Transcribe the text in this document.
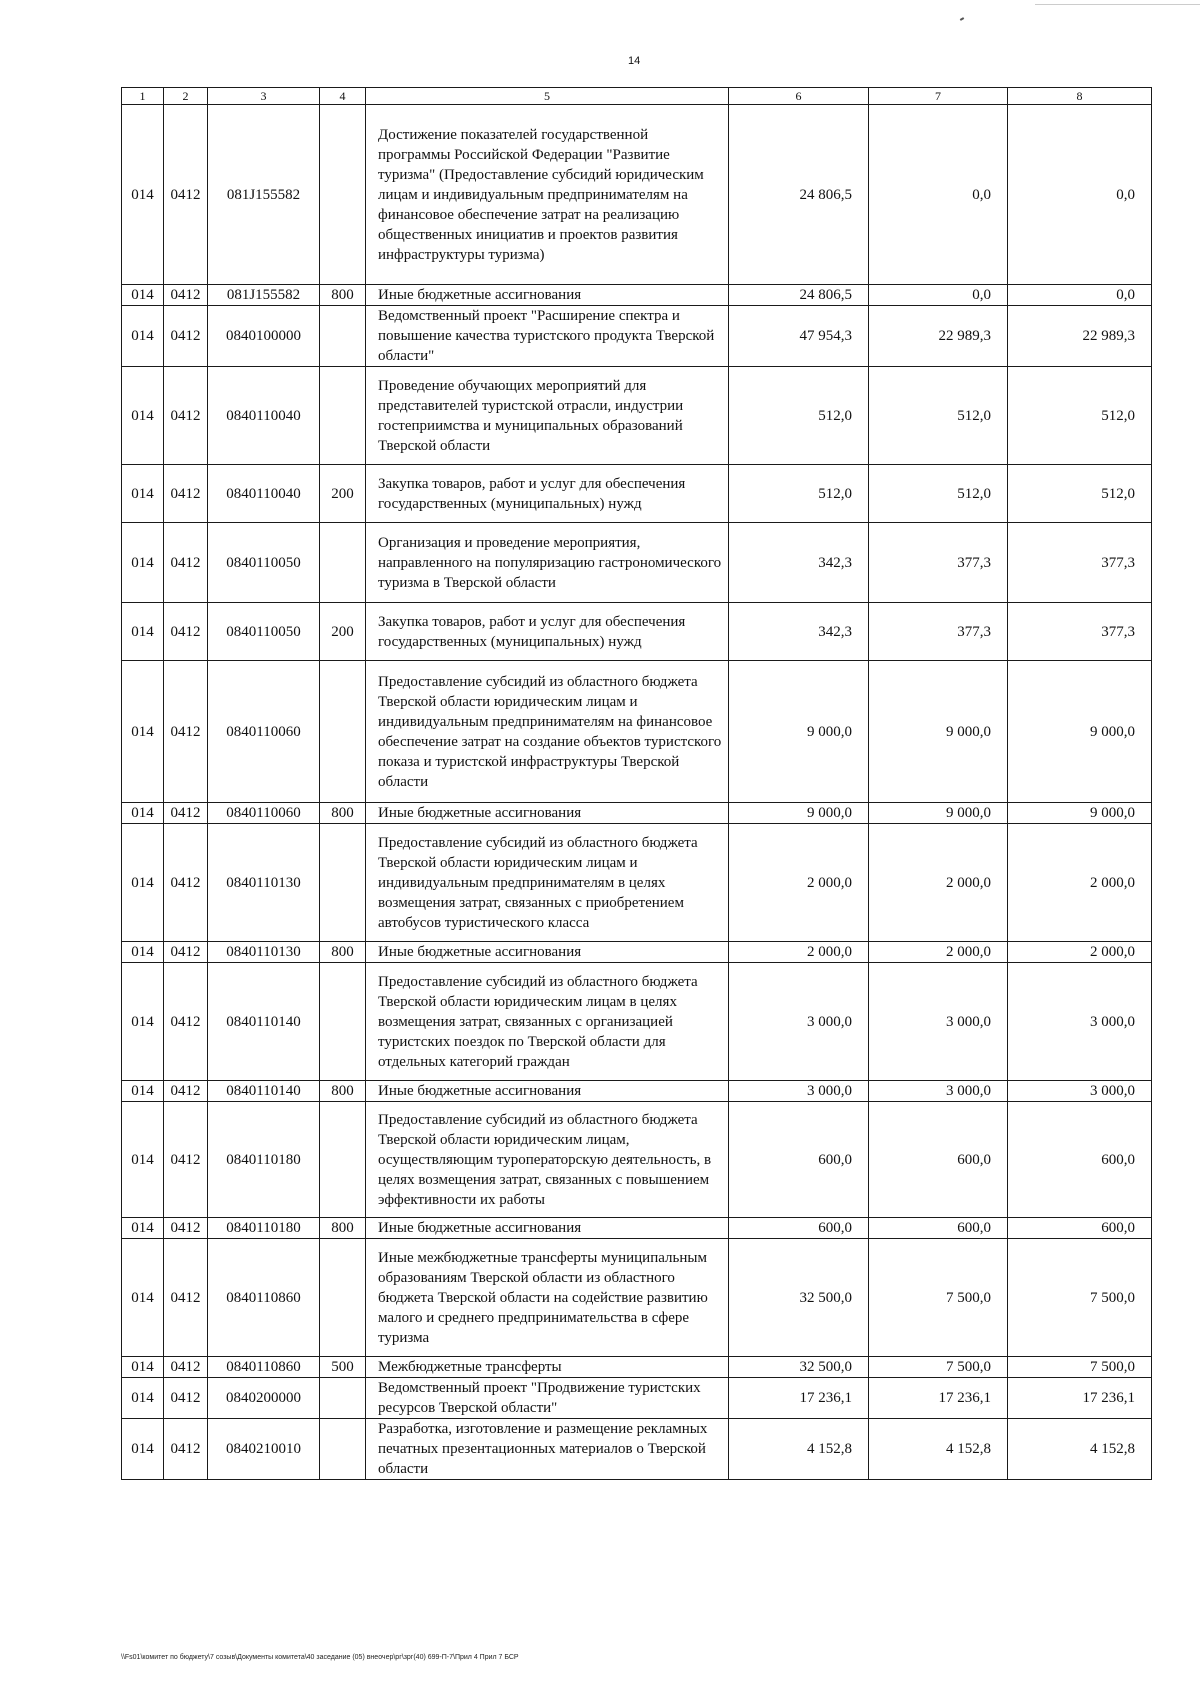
14
1	2	3	4	5	6	7	8
014	0412	081J155582		Достижение показателей государственной программы Российской Федерации "Развитие туризма" (Предоставление субсидий юридическим лицам и индивидуальным предпринимателям на финансовое обеспечение затрат на реализацию общественных инициатив и проектов развития инфраструктуры туризма)	24 806,5	0,0	0,0
014	0412	081J155582	800	Иные бюджетные ассигнования	24 806,5	0,0	0,0
014	0412	0840100000		Ведомственный проект "Расширение спектра и повышение качества туристского продукта Тверской области"	47 954,3	22 989,3	22 989,3
014	0412	0840110040		Проведение обучающих мероприятий для представителей туристской отрасли, индустрии гостеприимства и муниципальных образований Тверской области	512,0	512,0	512,0
014	0412	0840110040	200	Закупка товаров, работ и услуг для обеспечения государственных (муниципальных) нужд	512,0	512,0	512,0
014	0412	0840110050		Организация и проведение мероприятия, направленного на популяризацию гастрономического туризма в Тверской области	342,3	377,3	377,3
014	0412	0840110050	200	Закупка товаров, работ и услуг для обеспечения государственных (муниципальных) нужд	342,3	377,3	377,3
014	0412	0840110060		Предоставление субсидий из областного бюджета Тверской области юридическим лицам и индивидуальным предпринимателям на финансовое обеспечение затрат на создание объектов туристского показа и туристской инфраструктуры Тверской области	9 000,0	9 000,0	9 000,0
014	0412	0840110060	800	Иные бюджетные ассигнования	9 000,0	9 000,0	9 000,0
014	0412	0840110130		Предоставление субсидий из областного бюджета Тверской области юридическим лицам и индивидуальным предпринимателям в целях возмещения затрат, связанных с приобретением автобусов туристического класса	2 000,0	2 000,0	2 000,0
014	0412	0840110130	800	Иные бюджетные ассигнования	2 000,0	2 000,0	2 000,0
014	0412	0840110140		Предоставление субсидий из областного бюджета Тверской области юридическим лицам в целях возмещения затрат, связанных с организацией туристских поездок по Тверской области для отдельных категорий граждан	3 000,0	3 000,0	3 000,0
014	0412	0840110140	800	Иные бюджетные ассигнования	3 000,0	3 000,0	3 000,0
014	0412	0840110180		Предоставление субсидий из областного бюджета Тверской области юридическим лицам, осуществляющим туроператорскую деятельность, в целях возмещения затрат, связанных с повышением эффективности их работы	600,0	600,0	600,0
014	0412	0840110180	800	Иные бюджетные ассигнования	600,0	600,0	600,0
014	0412	0840110860		Иные межбюджетные трансферты муниципальным образованиям Тверской области из областного бюджета Тверской области на содействие развитию малого и среднего предпринимательства в сфере туризма	32 500,0	7 500,0	7 500,0
014	0412	0840110860	500	Межбюджетные трансферты	32 500,0	7 500,0	7 500,0
014	0412	0840200000		Ведомственный проект "Продвижение туристских ресурсов Тверской области"	17 236,1	17 236,1	17 236,1
014	0412	0840210010		Разработка, изготовление и размещение рекламных печатных презентационных материалов о Тверской области	4 152,8	4 152,8	4 152,8
\\Fs01\комитет по бюджету\7 созыв\Документы комитета\40 заседание (05) внеочер\рг\зрг(40) 699-П-7\Прил 4 Прил 7 БСР
